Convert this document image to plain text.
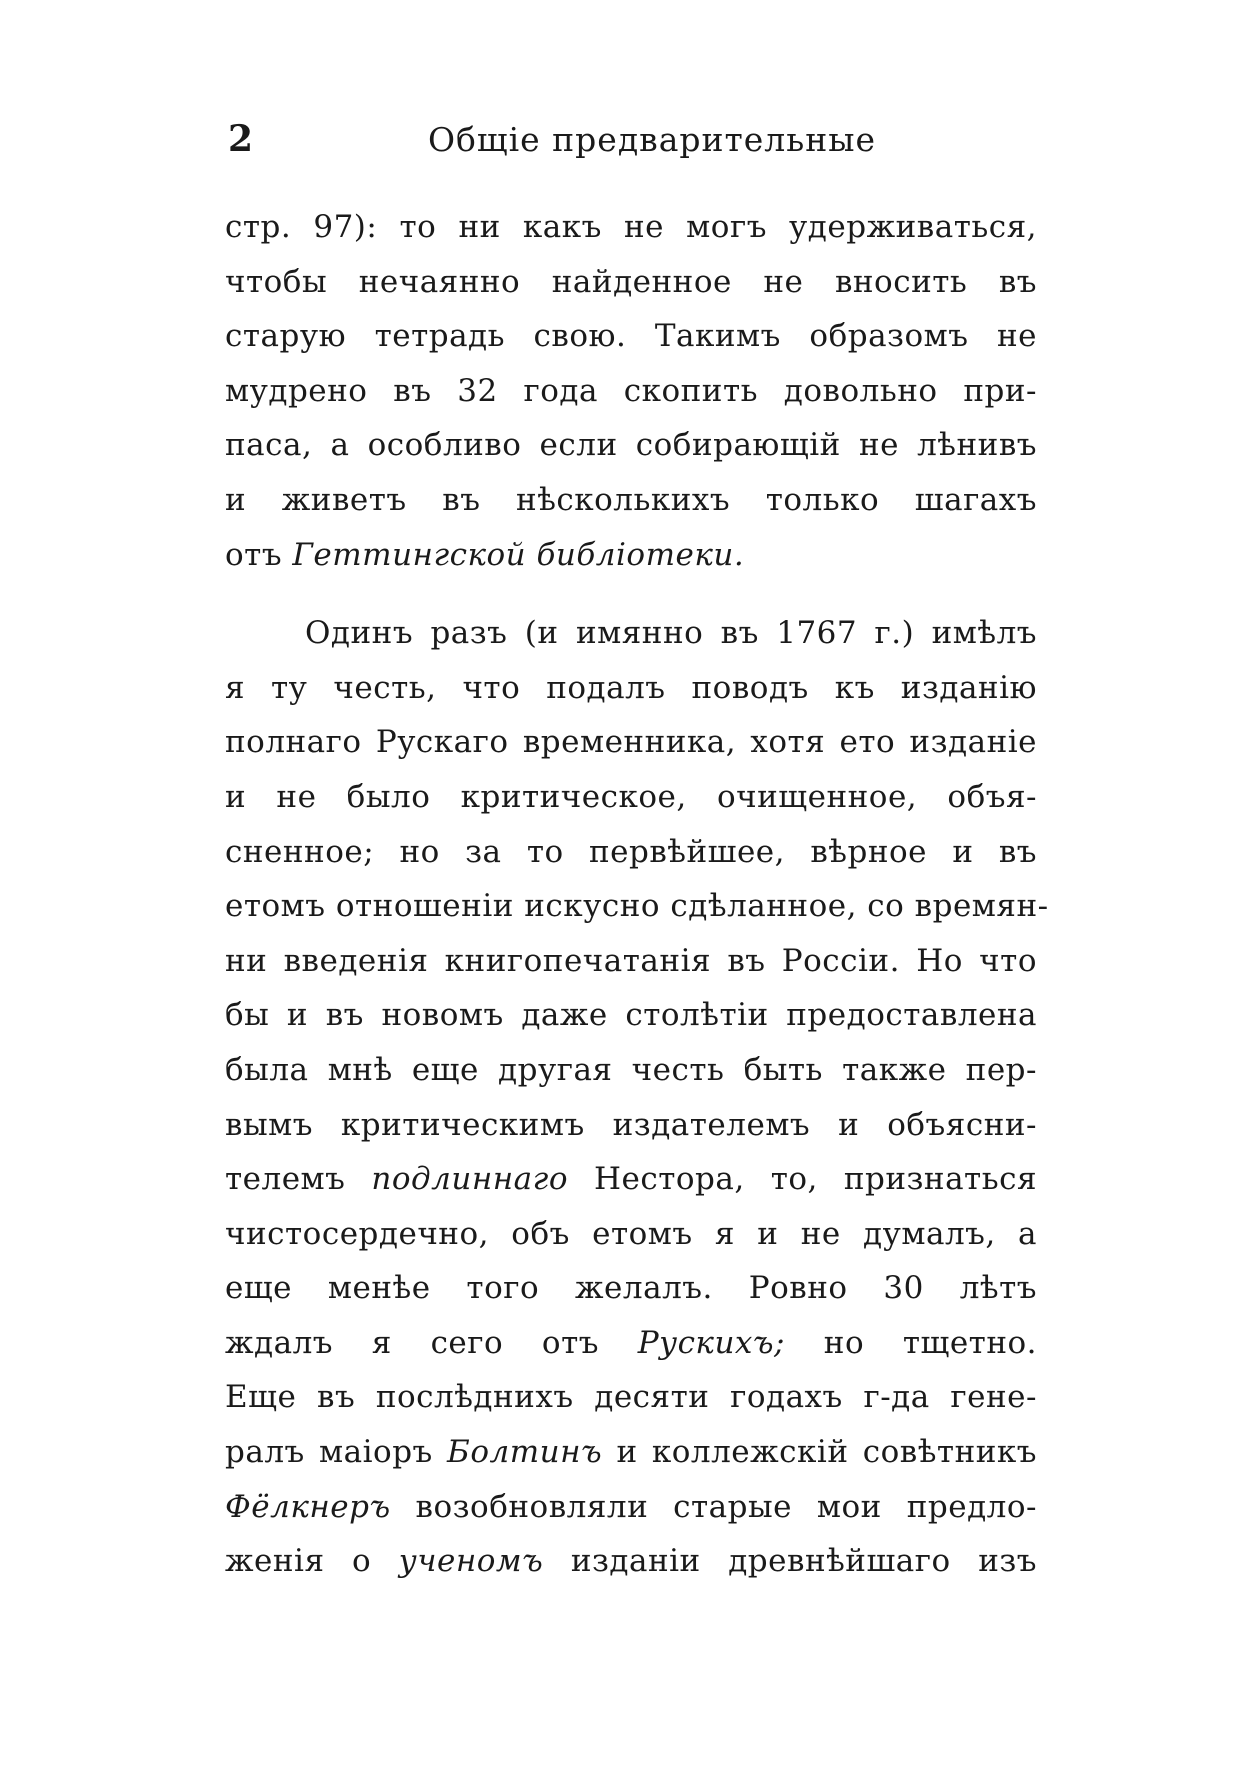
2	Общіе предварительные
стр. 97): то ни какъ не могъ удерживаться,
чтобы нечаянно найденное не вносить въ
старую тетрадь свою. Такимъ образомъ не
мудрено въ 32 года скопить довольно при-
паса, а особливо если собирающій не лѣнивъ
и живетъ въ нѣсколькихъ только шагахъ
отъ Геттингской библіотеки.
Одинъ разъ (и имянно въ 1767 г.) имѣлъ
я ту честь, что подалъ поводъ къ изданію
полнаго Рускаго временника, хотя ето изданіе
и не было критическое, очищенное, объя-
сненное; но за то первѣйшее, вѣрное и въ
етомъ отношеніи искусно сдѣланное, со времян-
ни введенія книгопечатанія въ Россіи. Но что
бы и въ новомъ даже столѣтіи предоставлена
была мнѣ еще другая честь быть также пер-
вымъ критическимъ издателемъ и объясни-
телемъ подлиннаго Нестора, то, признаться
чистосердечно, объ етомъ я и не думалъ, а
еще менѣе того желалъ. Ровно 30 лѣтъ
ждалъ я сего отъ Рускихъ; но тщетно.
Еще въ послѣднихъ десяти годахъ г-да гене-
ралъ маіоръ Болтинъ и коллежскій совѣтникъ
Фёлкнеръ возобновляли старые мои предло-
женія о ученомъ изданіи древнѣйшаго изъ
